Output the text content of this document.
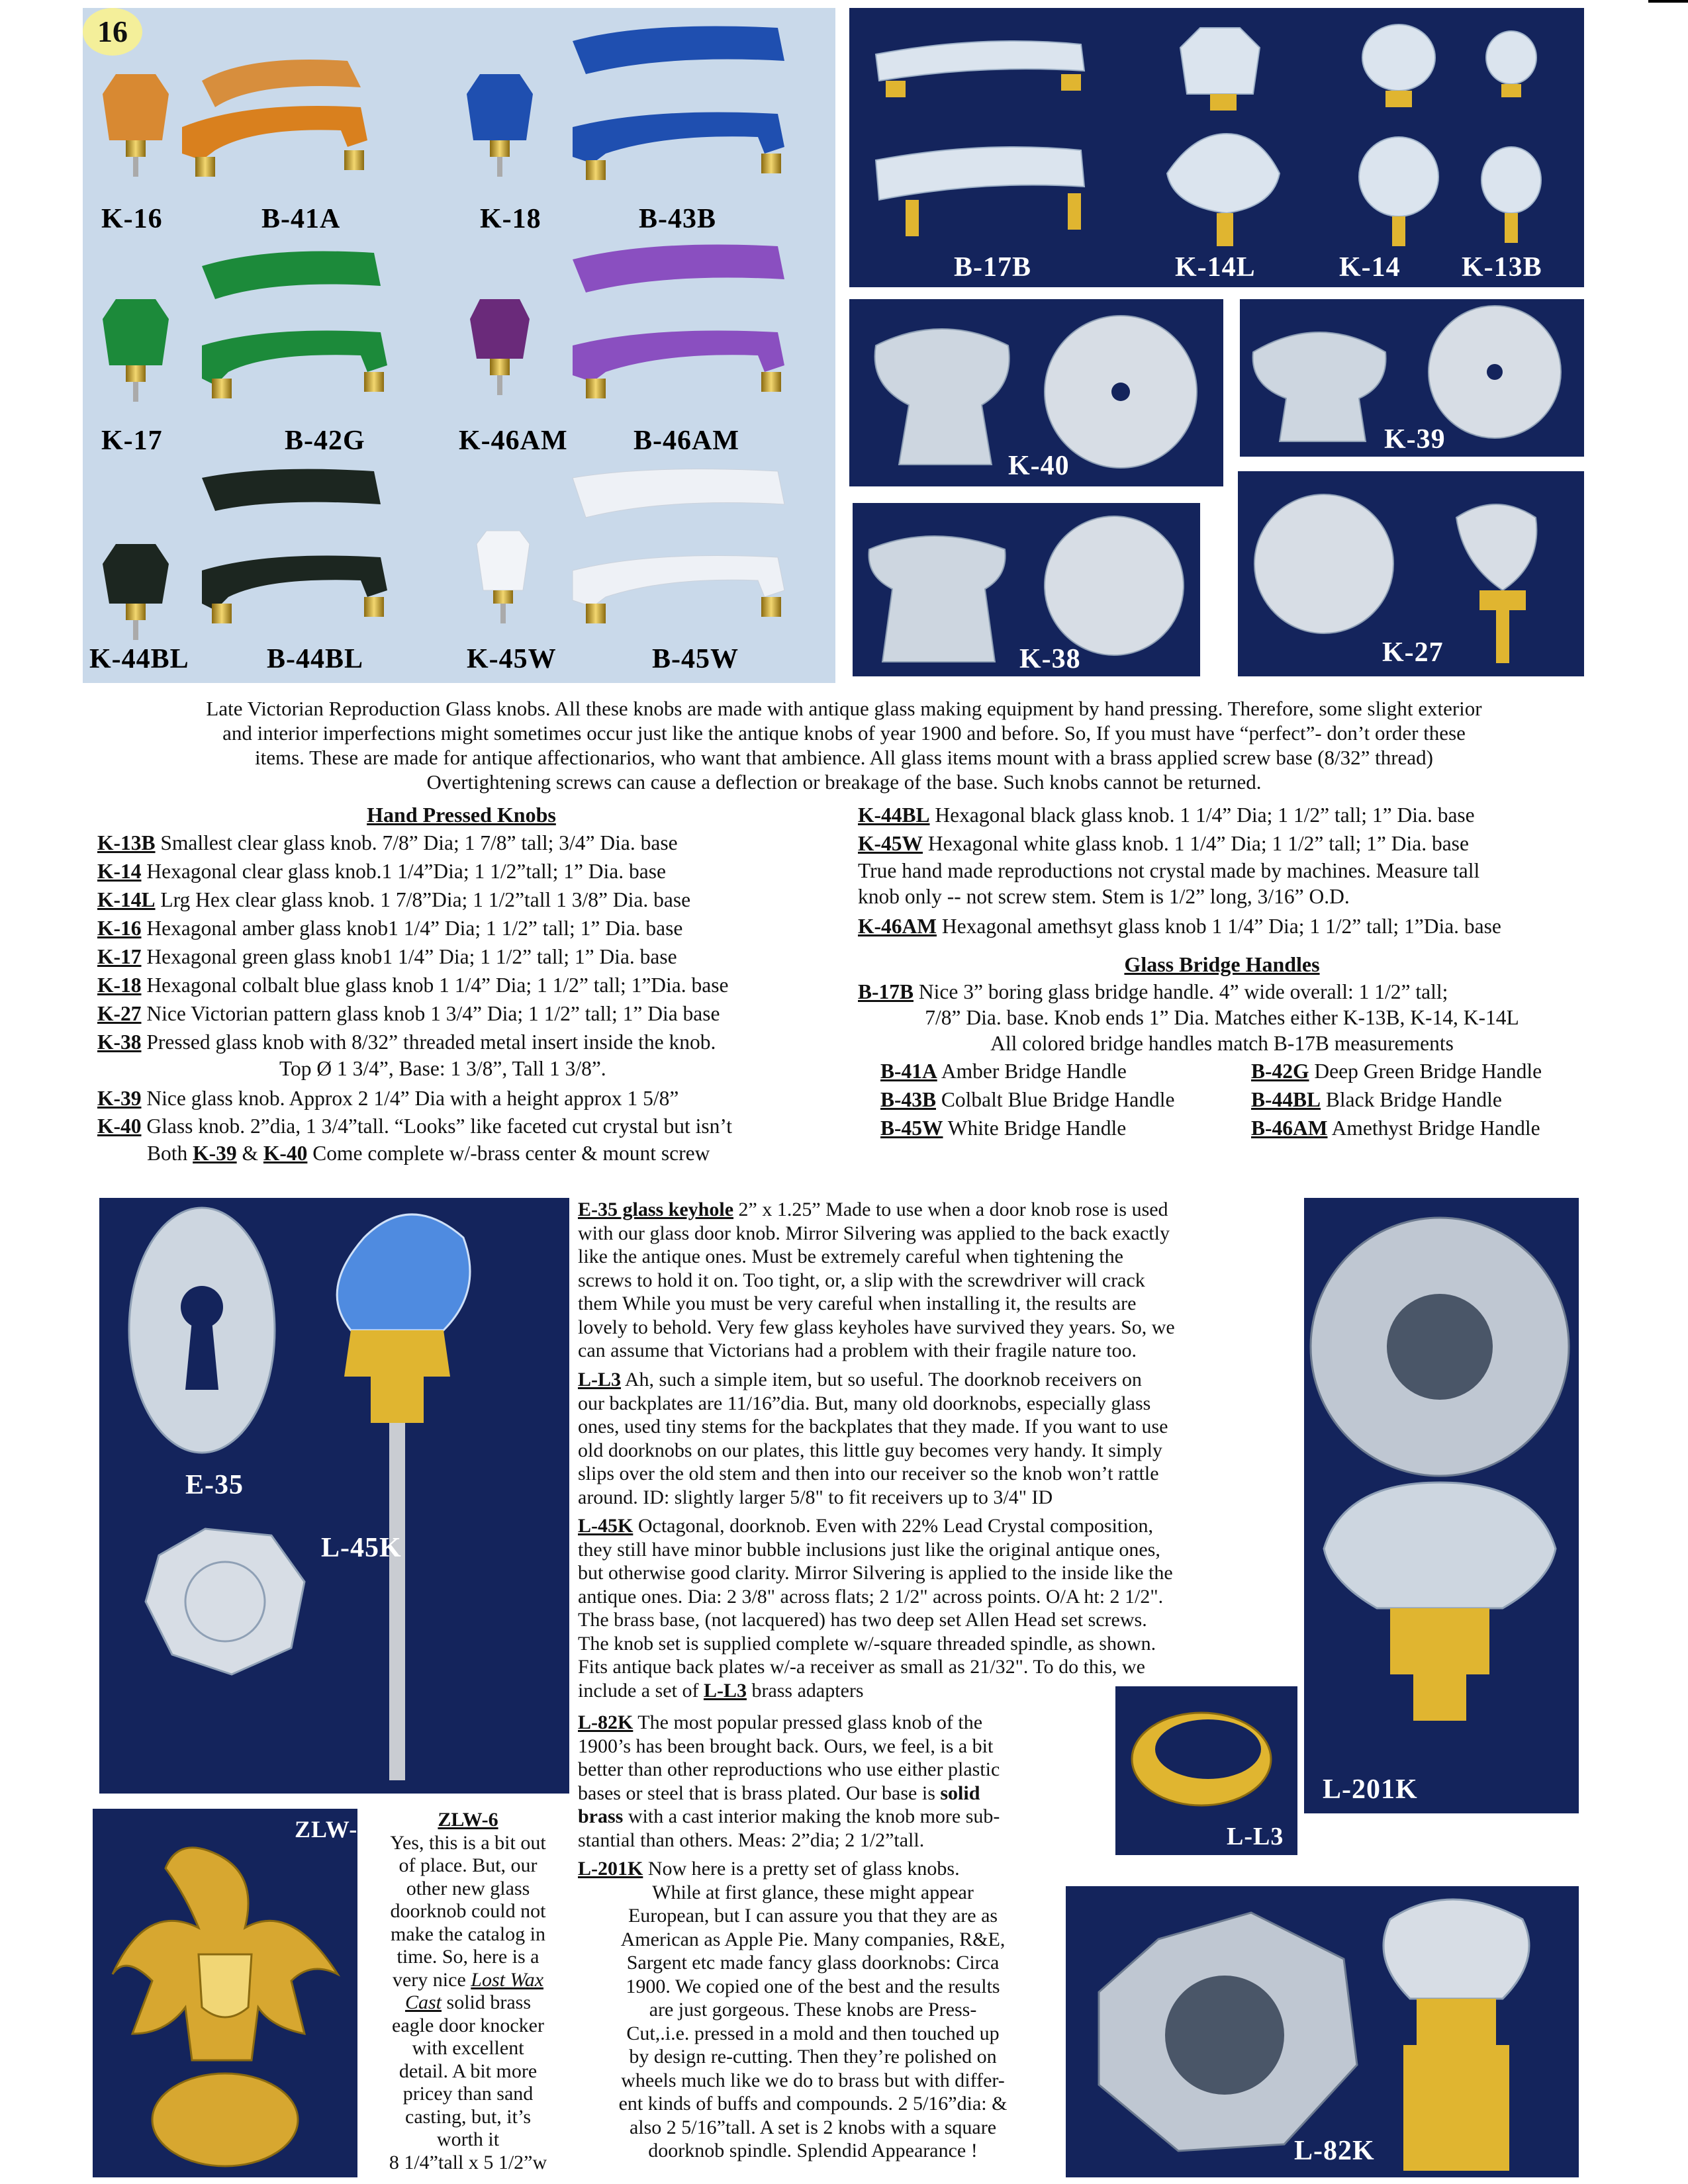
16
K-16	B-41A	K-18	B-43B
K-17	B-42G	K-46AM B-46AM
K-44BL	B-44BL	K-45W	B-45W
B-17B	K-14L	K-14 K-13B
K-40
K-39
K-38	K-27
Late Victorian Reproduction Glass knobs. All these knobs are made with antique glass making equipment by hand pressing. Therefore, some slight exterior
and interior imperfections might sometimes occur just like the antique knobs of year 1900 and before. So, If you must have “perfect”- don’t order these
items. These are made for antique affectionarios, who want that ambience. All glass items mount with a brass applied screw base (8/32” thread)
Overtightening screws can cause a deflection or breakage of the base. Such knobs cannot be returned.
Hand Pressed Knobs
K-13B Smallest clear glass knob. 7/8” Dia; 1 7/8” tall; 3/4” Dia. base
K-14 Hexagonal clear glass knob.1 1/4”Dia; 1 1/2”tall; 1” Dia. base
K-14L Lrg Hex clear glass knob. 1 7/8”Dia; 1 1/2”tall 1 3/8” Dia. base
K-16 Hexagonal amber glass knob1 1/4” Dia; 1 1/2” tall; 1” Dia. base
K-17 Hexagonal green glass knob1 1/4” Dia; 1 1/2” tall; 1” Dia. base
K-18 Hexagonal colbalt blue glass knob 1 1/4” Dia; 1 1/2” tall; 1”Dia. base
K-27 Nice Victorian pattern glass knob 1 3/4” Dia; 1 1/2” tall; 1” Dia base
K-38 Pressed glass knob with 8/32” threaded metal insert inside the knob.
Top Ø 1 3/4”, Base: 1 3/8”, Tall 1 3/8”.
K-39 Nice glass knob. Approx 2 1/4” Dia with a height approx 1 5/8”
K-40 Glass knob. 2”dia, 1 3/4”tall. “Looks” like faceted cut crystal but isn’t
Both K-39 & K-40 Come complete w/-brass center & mount screw
K-44BL Hexagonal black glass knob. 1 1/4” Dia; 1 1/2” tall; 1” Dia. base
K-45W Hexagonal white glass knob. 1 1/4” Dia; 1 1/2” tall; 1” Dia. base
True hand made reproductions not crystal made by machines. Measure tall
knob only -- not screw stem. Stem is 1/2” long, 3/16” O.D.
K-46AM Hexagonal amethsyt glass knob 1 1/4” Dia; 1 1/2” tall; 1”Dia. base
Glass Bridge Handles
B-17B Nice 3” boring glass bridge handle. 4” wide overall: 1 1/2” tall;
7/8” Dia. base. Knob ends 1” Dia. Matches either K-13B, K-14, K-14L
All colored bridge handles match B-17B measurements
B-41A Amber Bridge Handle	B-42G Deep Green Bridge Handle
B-43B Colbalt Blue Bridge Handle	B-44BL Black Bridge Handle
B-45W White Bridge Handle	B-46AM Amethyst Bridge Handle
E-35
L-45K
ZLW-6

E-35 glass keyhole 2” x 1.25” Made to use when a door knob rose is used

with our glass door knob. Mirror Silvering was applied to the back exactly

like the antique ones. Must be extremely careful when tightening the

screws to hold it on. Too tight, or, a slip with the screwdriver will crack

them While you must be very careful when installing it, the results are

lovely to behold. Very few glass keyholes have survived they years. So, we

can assume that Victorians had a problem with their fragile nature too.

L-L3 Ah, such a simple item, but so useful. The doorknob receivers on

our backplates are 11/16”dia. But, many old doorknobs, especially glass

ones, used tiny stems for the backplates that they made. If you want to use

old doorknobs on our plates, this little guy becomes very handy. It simply

slips over the old stem and then into our receiver so the knob won’t rattle

around. ID: slightly larger 5/8" to fit receivers up to 3/4" ID

L-45K Octagonal, doorknob. Even with 22% Lead Crystal composition,

they still have minor bubble inclusions just like the original antique ones,

but otherwise good clarity. Mirror Silvering is applied to the inside like the

antique ones. Dia: 2 3/8" across flats; 2 1/2" across points. O/A ht: 2 1/2".

The brass base, (not lacquered) has two deep set Allen Head set screws.

The knob set is supplied complete w/-square threaded spindle, as shown.

Fits antique back plates w/-a receiver as small as 21/32". To do this, we

include a set of L-L3 brass adapters

L-82K The most popular pressed glass knob of the

1900’s has been brought back. Ours, we feel, is a bit

better than other reproductions who use either plastic

bases or steel that is brass plated. Our base is solid

brass with a cast interior making the knob more sub-

stantial than others. Meas: 2”dia; 2 1/2”tall.

L-201K Now here is a pretty set of glass knobs.

While at first glance, these might appear

European, but I can assure you that they are as

American as Apple Pie. Many companies, R&E,

Sargent etc made fancy glass doorknobs: Circa

1900. We copied one of the best and the results

are just gorgeous. These knobs are Press-

Cut,.i.e. pressed in a mold and then touched up

by design re-cutting. Then they’re polished on

wheels much like we do to brass but with differ-

ent kinds of buffs and compounds. 2 5/16”dia: &

also 2 5/16”tall. A set is 2 knobs with a square

doorknob spindle. Splendid Appearance !

ZLW-6

Yes, this is a bit out

of place. But, our

other new glass

doorknob could not

make the catalog in

time. So, here is a

very nice Lost Wax

Cast solid brass

eagle door knocker

with excellent

detail. A bit more

pricey than sand

casting, but, it’s

worth it

8 1/4”tall x 5 1/2”w

L-L3
L-201K
L-82K
